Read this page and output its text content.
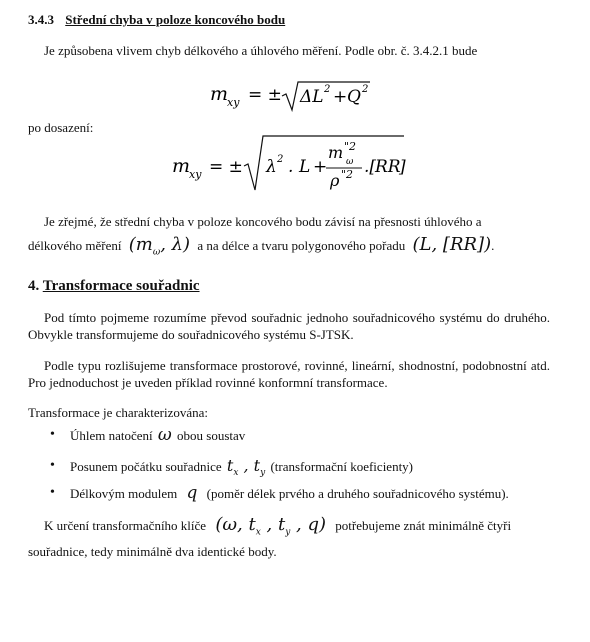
3.4.3 Střední chyba v poloze koncového bodu
Je způsobena vlivem chyb délkového a úhlového měření. Podle obr. č. 3.4.2.1 bude
m
xy = ± ΔL 2 + Q 2
po dosazení:
m
xy = ± λ 2 . L +
m "2
ω
ρ "2 .[
RR
]
Je zřejmé, že střední chyba v poloze koncového bodu závisí na přesnosti úhlového a
délkového měření ($m_\omega$, λ) a na délce a tvaru polygonového pořadu (L, [RR]).
4. Transformace souřadnic
Pod tímto pojmeme rozumíme převod souřadnic jednoho souřadnicového systému do druhého. Obvykle transformujeme do souřadnicového systému S-JTSK.
Podle typu rozlišujeme transformace prostorové, rovinné, lineární, shodnostní, podobnostní atd. Pro jednoduchost je uveden příklad rovinné konformní transformace.
Transformace je charakterizována:
• Úhlem natočení ω obou soustav
• Posunem počátku souřadnice $t_x$ , $t_y$ (transformační koeficienty)
• Délkovým modulem q (poměr délek prvého a druhého souřadnicového systému).
K určení transformačního klíče (ω, $t_x$ , $t_y$ , q) potřebujeme znát minimálně čtyři
souřadnice, tedy minimálně dva identické body.
